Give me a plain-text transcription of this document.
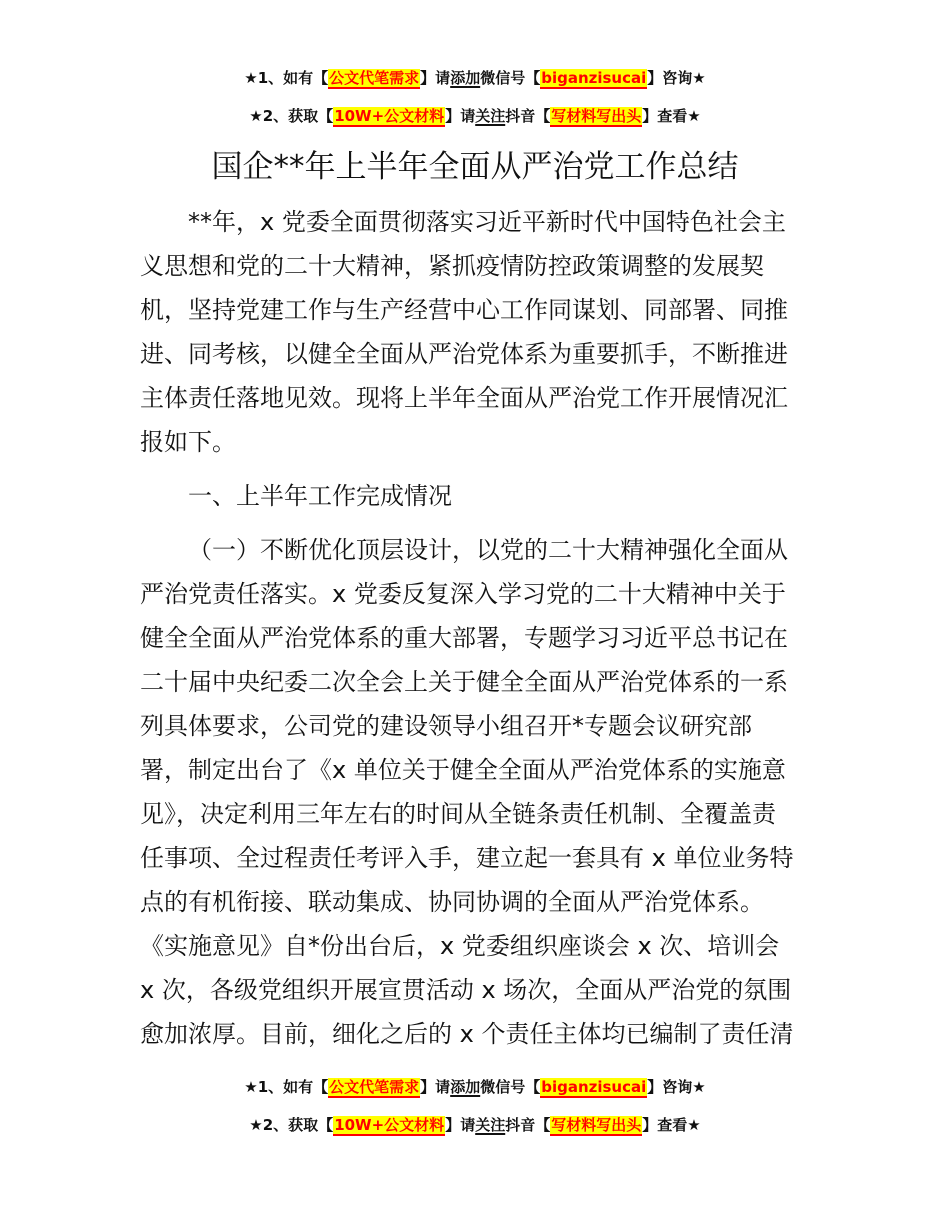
★1、如有【公文代笔需求】请添加微信号【biganzisucai】咨询★
★2、获取【10W+公文材料】请关注抖音【写材料写出头】查看★
国企**年上半年全面从严治党工作总结
**年，x 党委全面贯彻落实习近平新时代中国特色社会主
义思想和党的二十大精神，紧抓疫情防控政策调整的发展契
机，坚持党建工作与生产经营中心工作同谋划、同部署、同推
进、同考核，以健全全面从严治党体系为重要抓手，不断推进
主体责任落地见效。现将上半年全面从严治党工作开展情况汇
报如下。
一、上半年工作完成情况
（一）不断优化顶层设计，以党的二十大精神强化全面从
严治党责任落实。x 党委反复深入学习党的二十大精神中关于
健全全面从严治党体系的重大部署，专题学习习近平总书记在
二十届中央纪委二次全会上关于健全全面从严治党体系的一系
列具体要求，公司党的建设领导小组召开*专题会议研究部
署，制定出台了《x 单位关于健全全面从严治党体系的实施意
见》，决定利用三年左右的时间从全链条责任机制、全覆盖责
任事项、全过程责任考评入手，建立起一套具有 x 单位业务特
点的有机衔接、联动集成、协同协调的全面从严治党体系。
《实施意见》自*份出台后，x 党委组织座谈会 x 次、培训会
x 次，各级党组织开展宣贯活动 x 场次，全面从严治党的氛围
愈加浓厚。目前，细化之后的 x 个责任主体均已编制了责任清
★1、如有【公文代笔需求】请添加微信号【biganzisucai】咨询★
★2、获取【10W+公文材料】请关注抖音【写材料写出头】查看★
